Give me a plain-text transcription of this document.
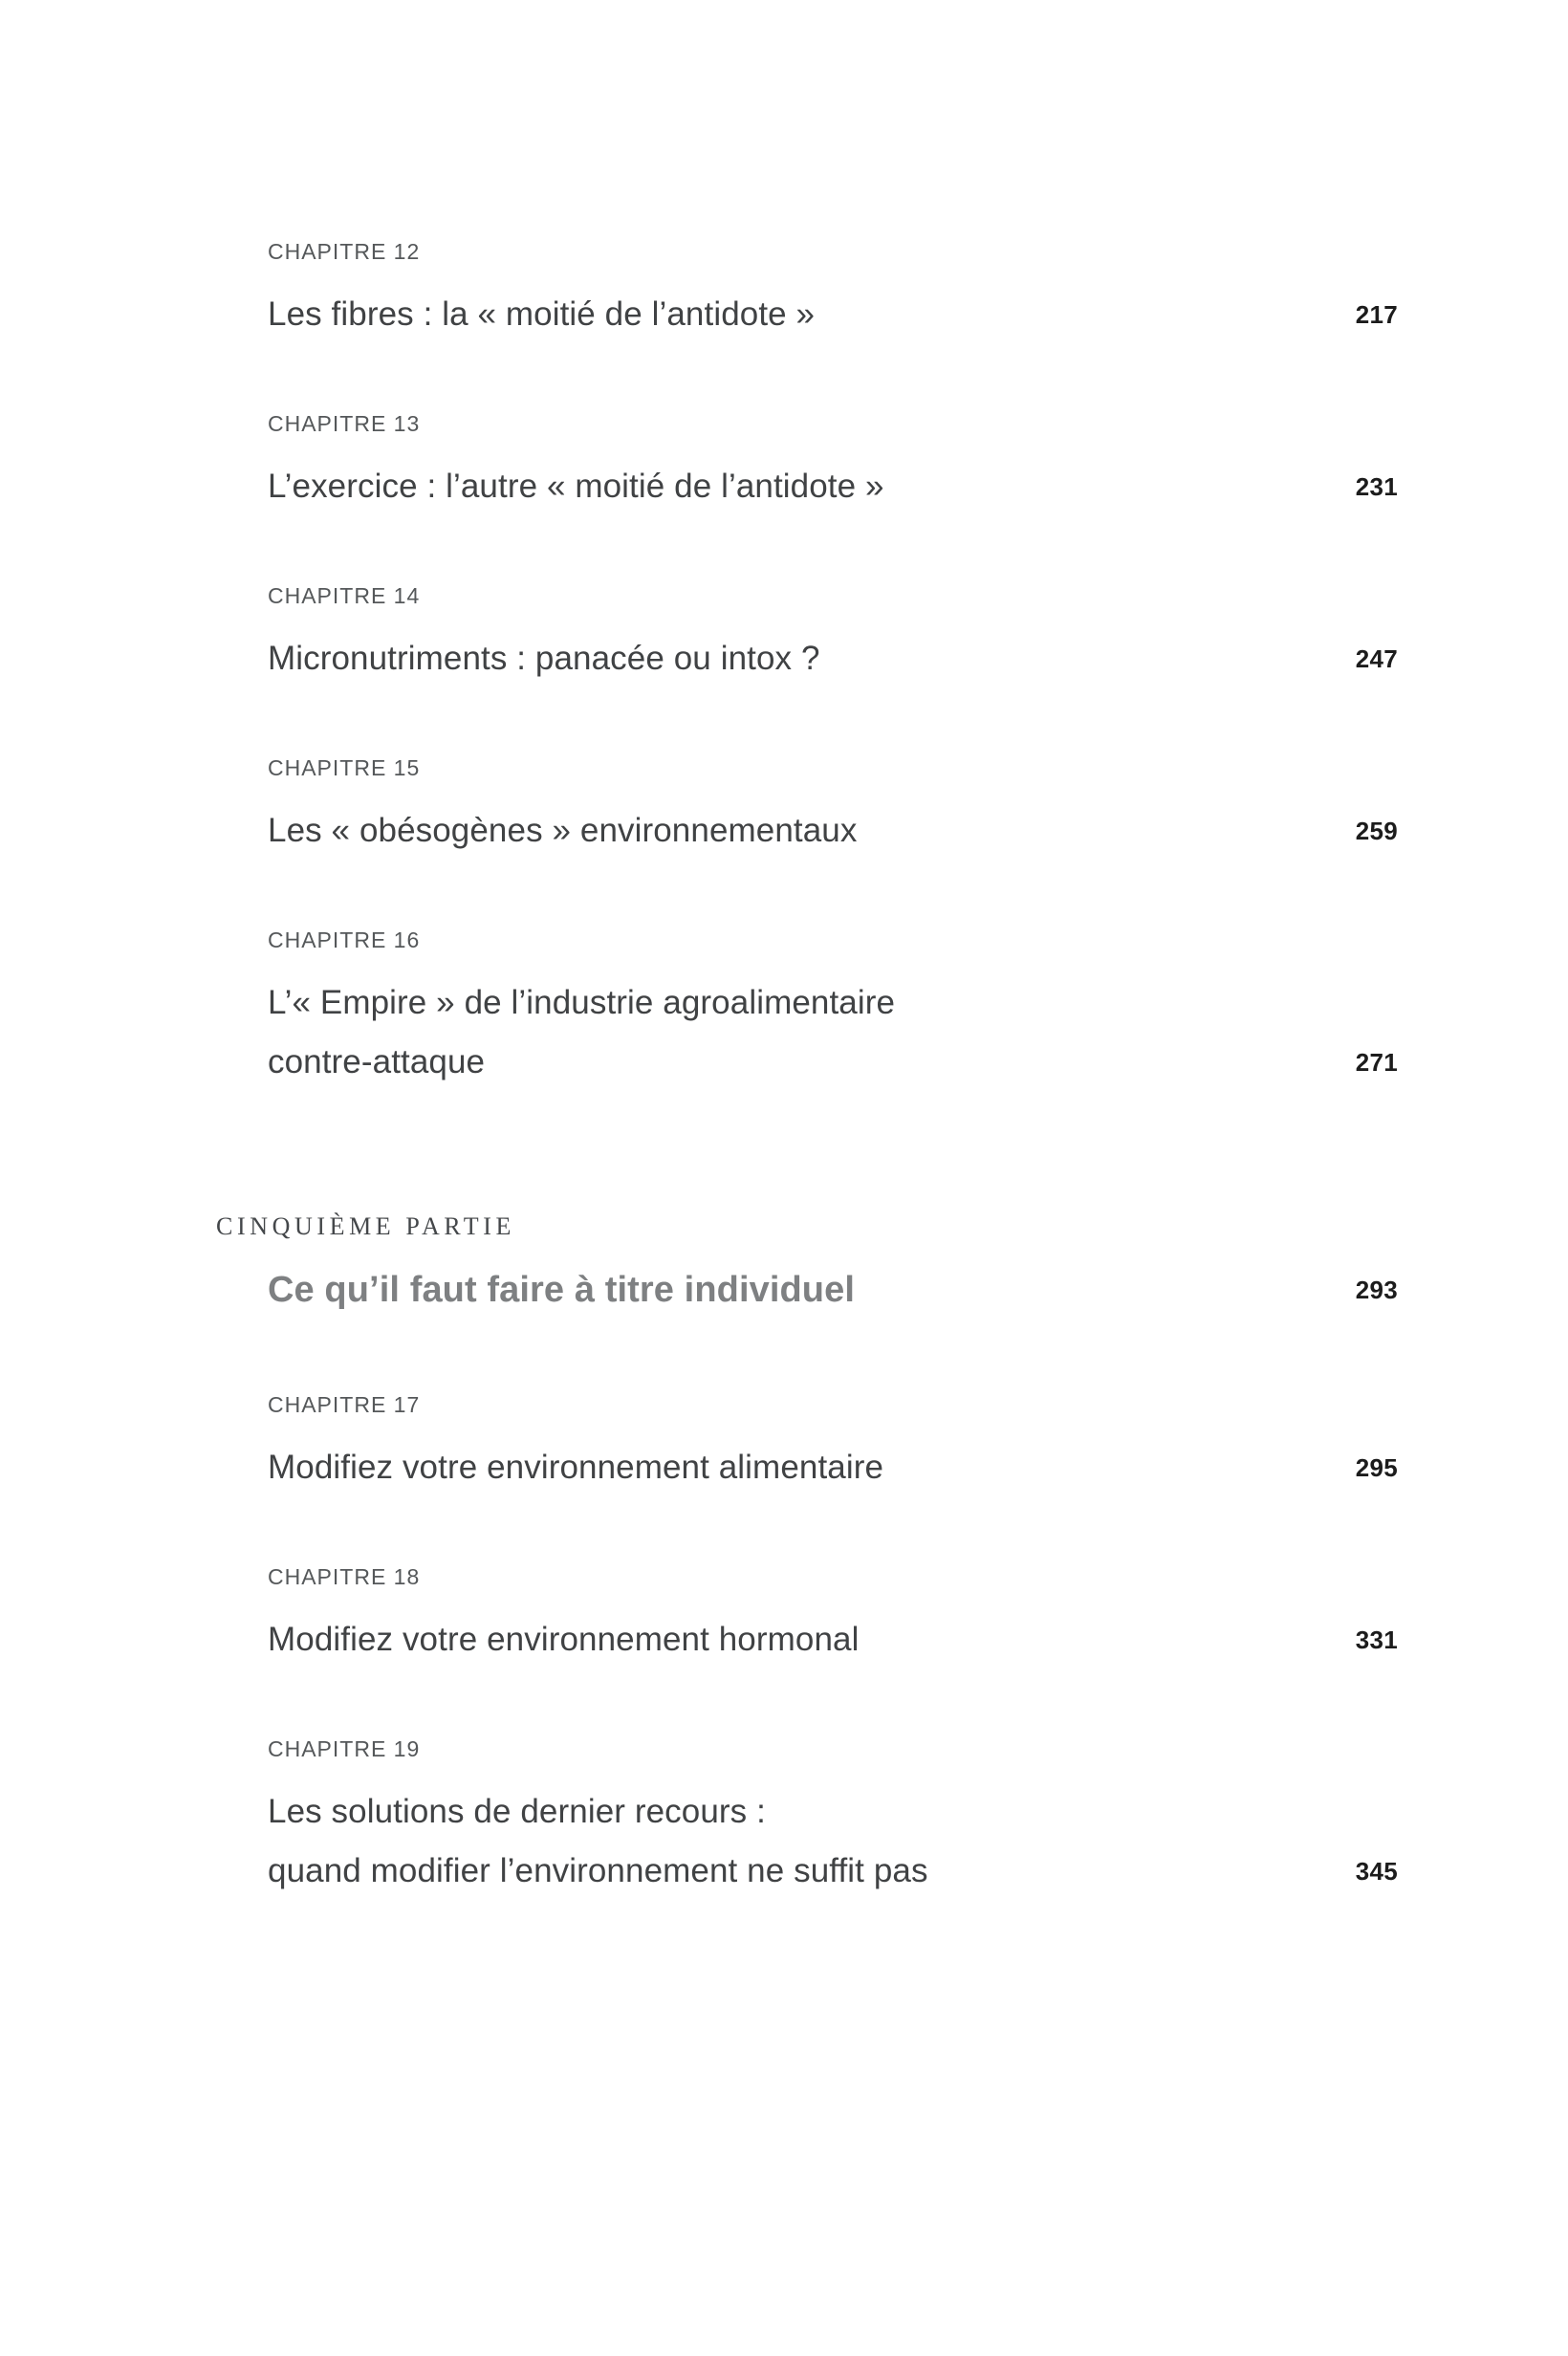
CHAPITRE 12
Les fibres : la « moitié de l’antidote »	217
CHAPITRE 13
L’exercice : l’autre « moitié de l’antidote »	231
CHAPITRE 14
Micronutriments : panacée ou intox ?	247
CHAPITRE 15
Les « obésogènes » environnementaux	259
CHAPITRE 16
L’« Empire » de l’industrie agroalimentaire
contre-attaque	271
CINQUIÈME PARTIE
Ce qu’il faut faire à titre individuel	293
CHAPITRE 17
Modifiez votre environnement alimentaire	295
CHAPITRE 18
Modifiez votre environnement hormonal	331
CHAPITRE 19
Les solutions de dernier recours :
quand modifier l’environnement ne suffit pas	345
